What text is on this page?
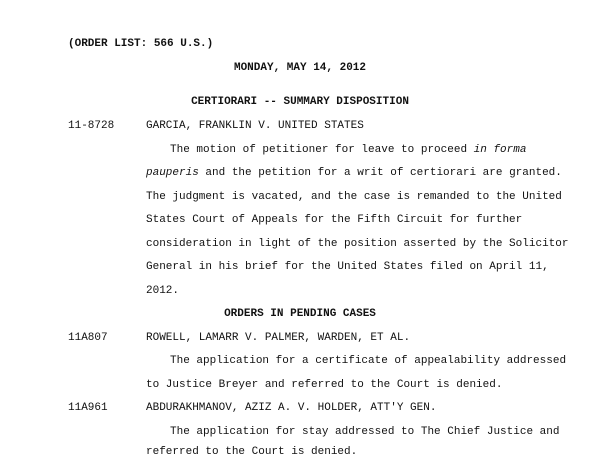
(ORDER LIST: 566 U.S.)
MONDAY, MAY 14, 2012
CERTIORARI -- SUMMARY DISPOSITION
11-8728	GARCIA, FRANKLIN V. UNITED STATES
The motion of petitioner for leave to proceed in forma
pauperis and the petition for a writ of certiorari are granted.
The judgment is vacated, and the case is remanded to the United
States Court of Appeals for the Fifth Circuit for further
consideration in light of the position asserted by the Solicitor
General in his brief for the United States filed on April 11,
2012.
ORDERS IN PENDING CASES
11A807	ROWELL, LAMARR V. PALMER, WARDEN, ET AL.
The application for a certificate of appealability addressed
to Justice Breyer and referred to the Court is denied.
11A961	ABDURAKHMANOV, AZIZ A. V. HOLDER, ATT'Y GEN.
The application for stay addressed to The Chief Justice and
referred to the Court is denied.
